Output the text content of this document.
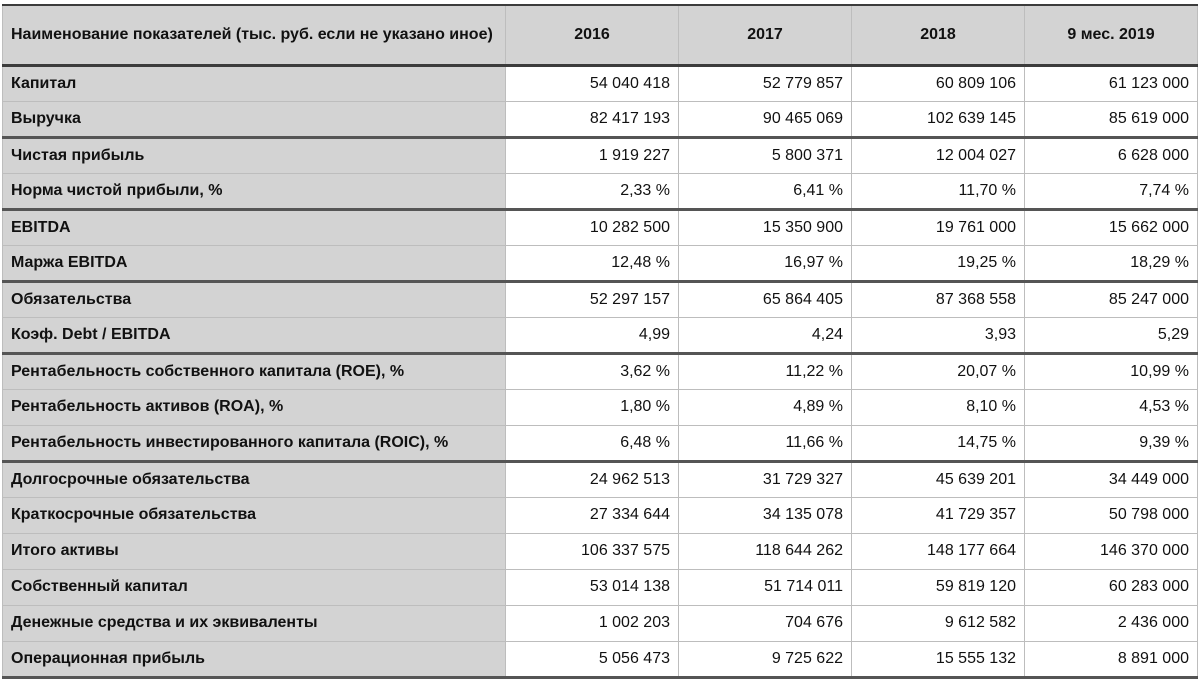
Наименование показателей (тыс. руб. если не указано иное)	2016	2017	2018	9 мес. 2019
Капитал	54 040 418	52 779 857	60 809 106	61 123 000
Выручка	82 417 193	90 465 069	102 639 145	85 619 000
Чистая прибыль	1 919 227	5 800 371	12 004 027	6 628 000
Норма чистой прибыли, %	2,33 %	6,41 %	11,70 %	7,74 %
EBITDA	10 282 500	15 350 900	19 761 000	15 662 000
Маржа EBITDA	12,48 %	16,97 %	19,25 %	18,29 %
Обязательства	52 297 157	65 864 405	87 368 558	85 247 000
Коэф. Debt / EBITDA	4,99	4,24	3,93	5,29
Рентабельность собственного капитала (ROE), %	3,62 %	11,22 %	20,07 %	10,99 %
Рентабельность активов (ROA), %	1,80 %	4,89 %	8,10 %	4,53 %
Рентабельность инвестированного капитала (ROIC), %	6,48 %	11,66 %	14,75 %	9,39 %
Долгосрочные обязательства	24 962 513	31 729 327	45 639 201	34 449 000
Краткосрочные обязательства	27 334 644	34 135 078	41 729 357	50 798 000
Итого активы	106 337 575	118 644 262	148 177 664	146 370 000
Собственный капитал	53 014 138	51 714 011	59 819 120	60 283 000
Денежные средства и их эквиваленты	1 002 203	704 676	9 612 582	2 436 000
Операционная прибыль	5 056 473	9 725 622	15 555 132	8 891 000
